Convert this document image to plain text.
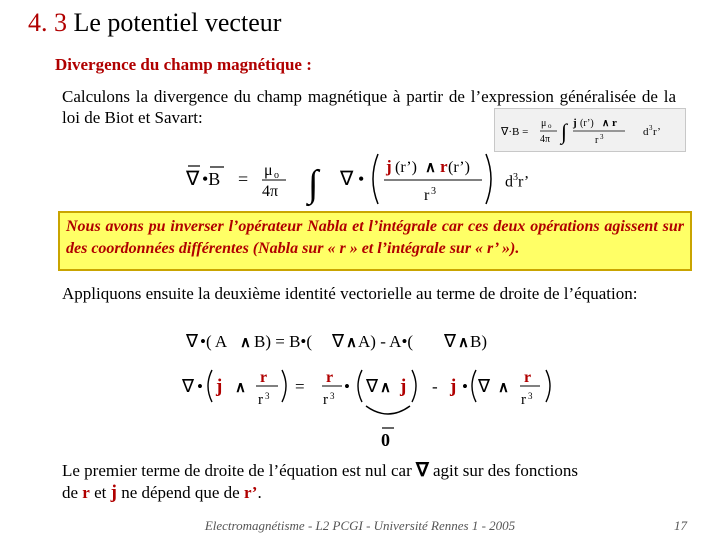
4. 3 Le potentiel vecteur
Divergence du champ magnétique :
Calculons la divergence du champ magnétique à partir de l’expression généralisée de la loi de Biot et Savart:
∇·B =
μ o
4π ∫ j (r’) ∧ r
r 3	d 3 r’
∇ •B = μ o
4π ∫ ∇ •
j (r’) ∧ r (r’)
r 3
$d^3r$’
Nous avons pu inverser l’opérateur Nabla et l’intégrale car ces deux opérations agissent sur des coordonnées différentes (Nabla sur « r » et l’intégrale sur « r’ »).
Appliquons ensuite la deuxième identité vectorielle au terme de droite de l’équation:
∇ •( A ∧ B) = B•( ∇ ∧ A) - A•( ∇ ∧ B)
∇ • j ∧
r
r 3 = r
r 3 • ∇ ∧ j - j • ∇ ∧
r
r 3
0
Le premier terme de droite de l’équation est nul car ∇ agit sur des fonctions
de r et j ne dépend que de r’.
Electromagnétisme - L2 PCGI - Université Rennes 1 - 2005	17
